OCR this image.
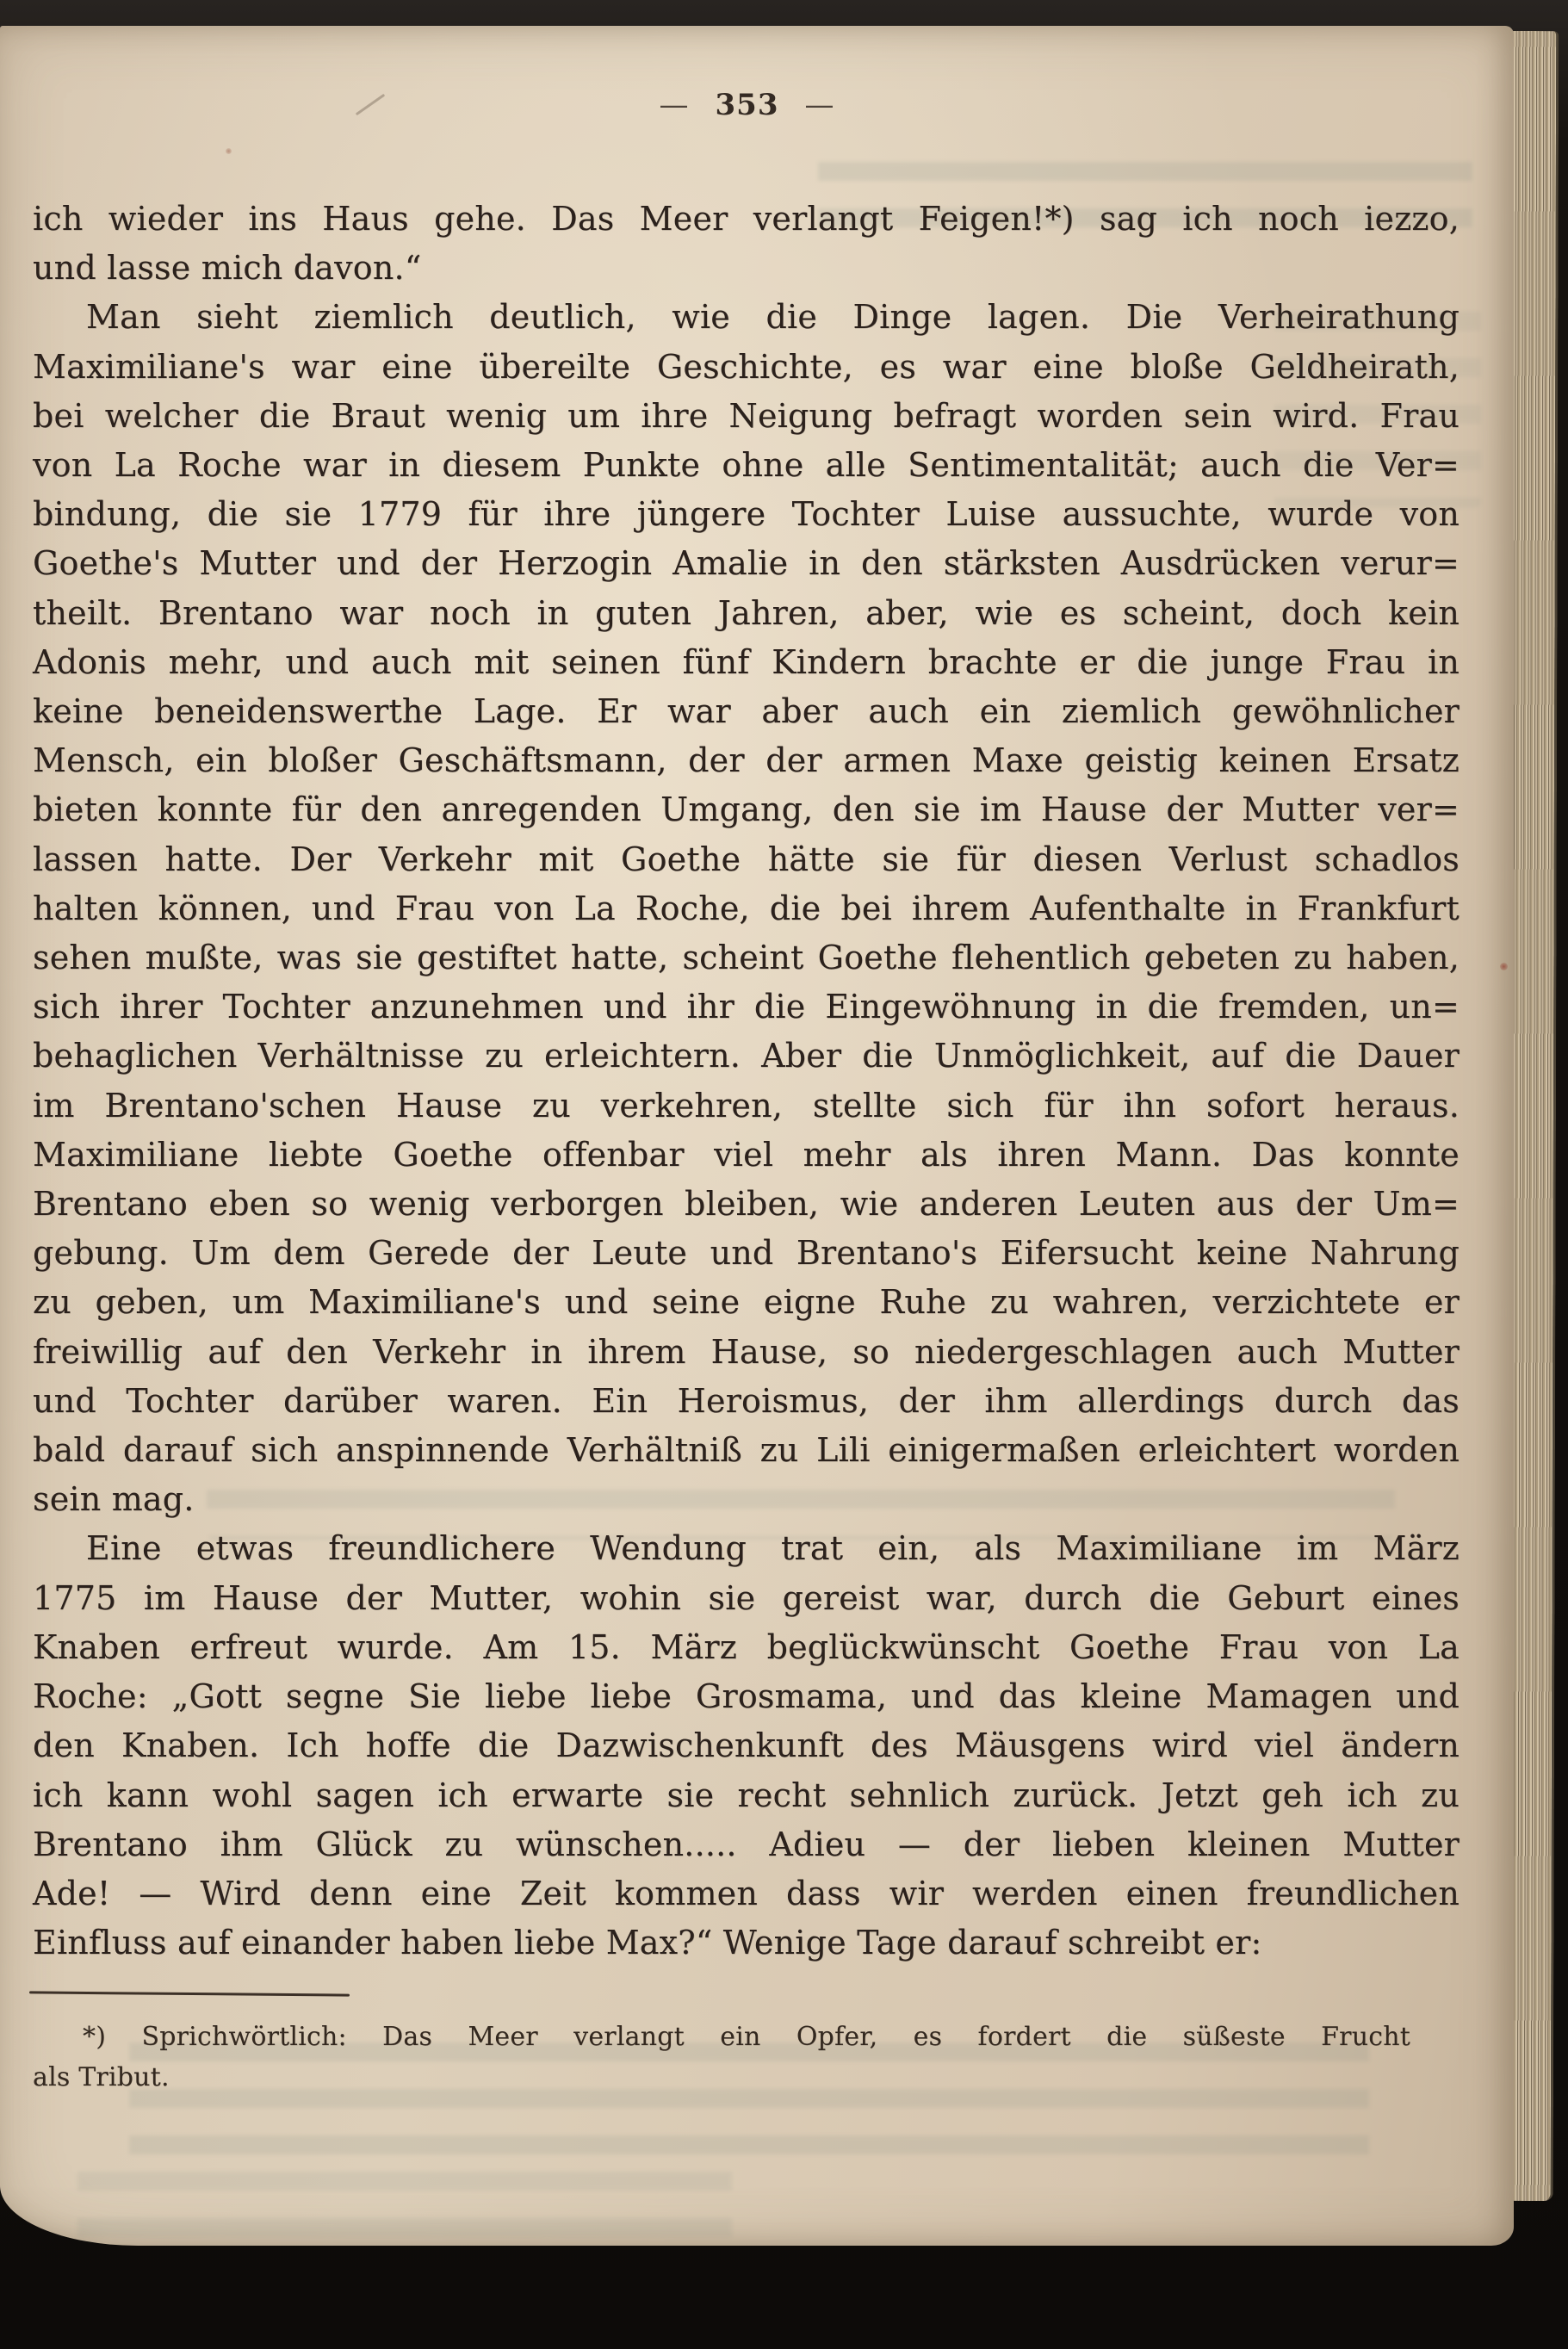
— 353 —
ich wieder ins Haus gehe. Das Meer verlangt Feigen!*) sag ich noch iezzo,
und lasse mich davon.“
Man sieht ziemlich deutlich, wie die Dinge lagen. Die Verheirathung
Maximiliane's war eine übereilte Geschichte, es war eine bloße Geldheirath,
bei welcher die Braut wenig um ihre Neigung befragt worden sein wird. Frau
von La Roche war in diesem Punkte ohne alle Sentimentalität; auch die Ver=
bindung, die sie 1779 für ihre jüngere Tochter Luise aussuchte, wurde von
Goethe's Mutter und der Herzogin Amalie in den stärksten Ausdrücken verur=
theilt. Brentano war noch in guten Jahren, aber, wie es scheint, doch kein
Adonis mehr, und auch mit seinen fünf Kindern brachte er die junge Frau in
keine beneidenswerthe Lage. Er war aber auch ein ziemlich gewöhnlicher
Mensch, ein bloßer Geschäftsmann, der der armen Maxe geistig keinen Ersatz
bieten konnte für den anregenden Umgang, den sie im Hause der Mutter ver=
lassen hatte. Der Verkehr mit Goethe hätte sie für diesen Verlust schadlos
halten können, und Frau von La Roche, die bei ihrem Aufenthalte in Frankfurt
sehen mußte, was sie gestiftet hatte, scheint Goethe flehentlich gebeten zu haben,
sich ihrer Tochter anzunehmen und ihr die Eingewöhnung in die fremden, un=
behaglichen Verhältnisse zu erleichtern. Aber die Unmöglichkeit, auf die Dauer
im Brentano'schen Hause zu verkehren, stellte sich für ihn sofort heraus.
Maximiliane liebte Goethe offenbar viel mehr als ihren Mann. Das konnte
Brentano eben so wenig verborgen bleiben, wie anderen Leuten aus der Um=
gebung. Um dem Gerede der Leute und Brentano's Eifersucht keine Nahrung
zu geben, um Maximiliane's und seine eigne Ruhe zu wahren, verzichtete er
freiwillig auf den Verkehr in ihrem Hause, so niedergeschlagen auch Mutter
und Tochter darüber waren. Ein Heroismus, der ihm allerdings durch das
bald darauf sich anspinnende Verhältniß zu Lili einigermaßen erleichtert worden
sein mag.
Eine etwas freundlichere Wendung trat ein, als Maximiliane im März
1775 im Hause der Mutter, wohin sie gereist war, durch die Geburt eines
Knaben erfreut wurde. Am 15. März beglückwünscht Goethe Frau von La
Roche: „Gott segne Sie liebe liebe Grosmama, und das kleine Mamagen und
den Knaben. Ich hoffe die Dazwischenkunft des Mäusgens wird viel ändern
ich kann wohl sagen ich erwarte sie recht sehnlich zurück. Jetzt geh ich zu
Brentano ihm Glück zu wünschen..... Adieu — der lieben kleinen Mutter
Ade! — Wird denn eine Zeit kommen dass wir werden einen freundlichen
Einfluss auf einander haben liebe Max?“ Wenige Tage darauf schreibt er:
*) Sprichwörtlich: Das Meer verlangt ein Opfer, es fordert die süßeste Frucht
als Tribut.
